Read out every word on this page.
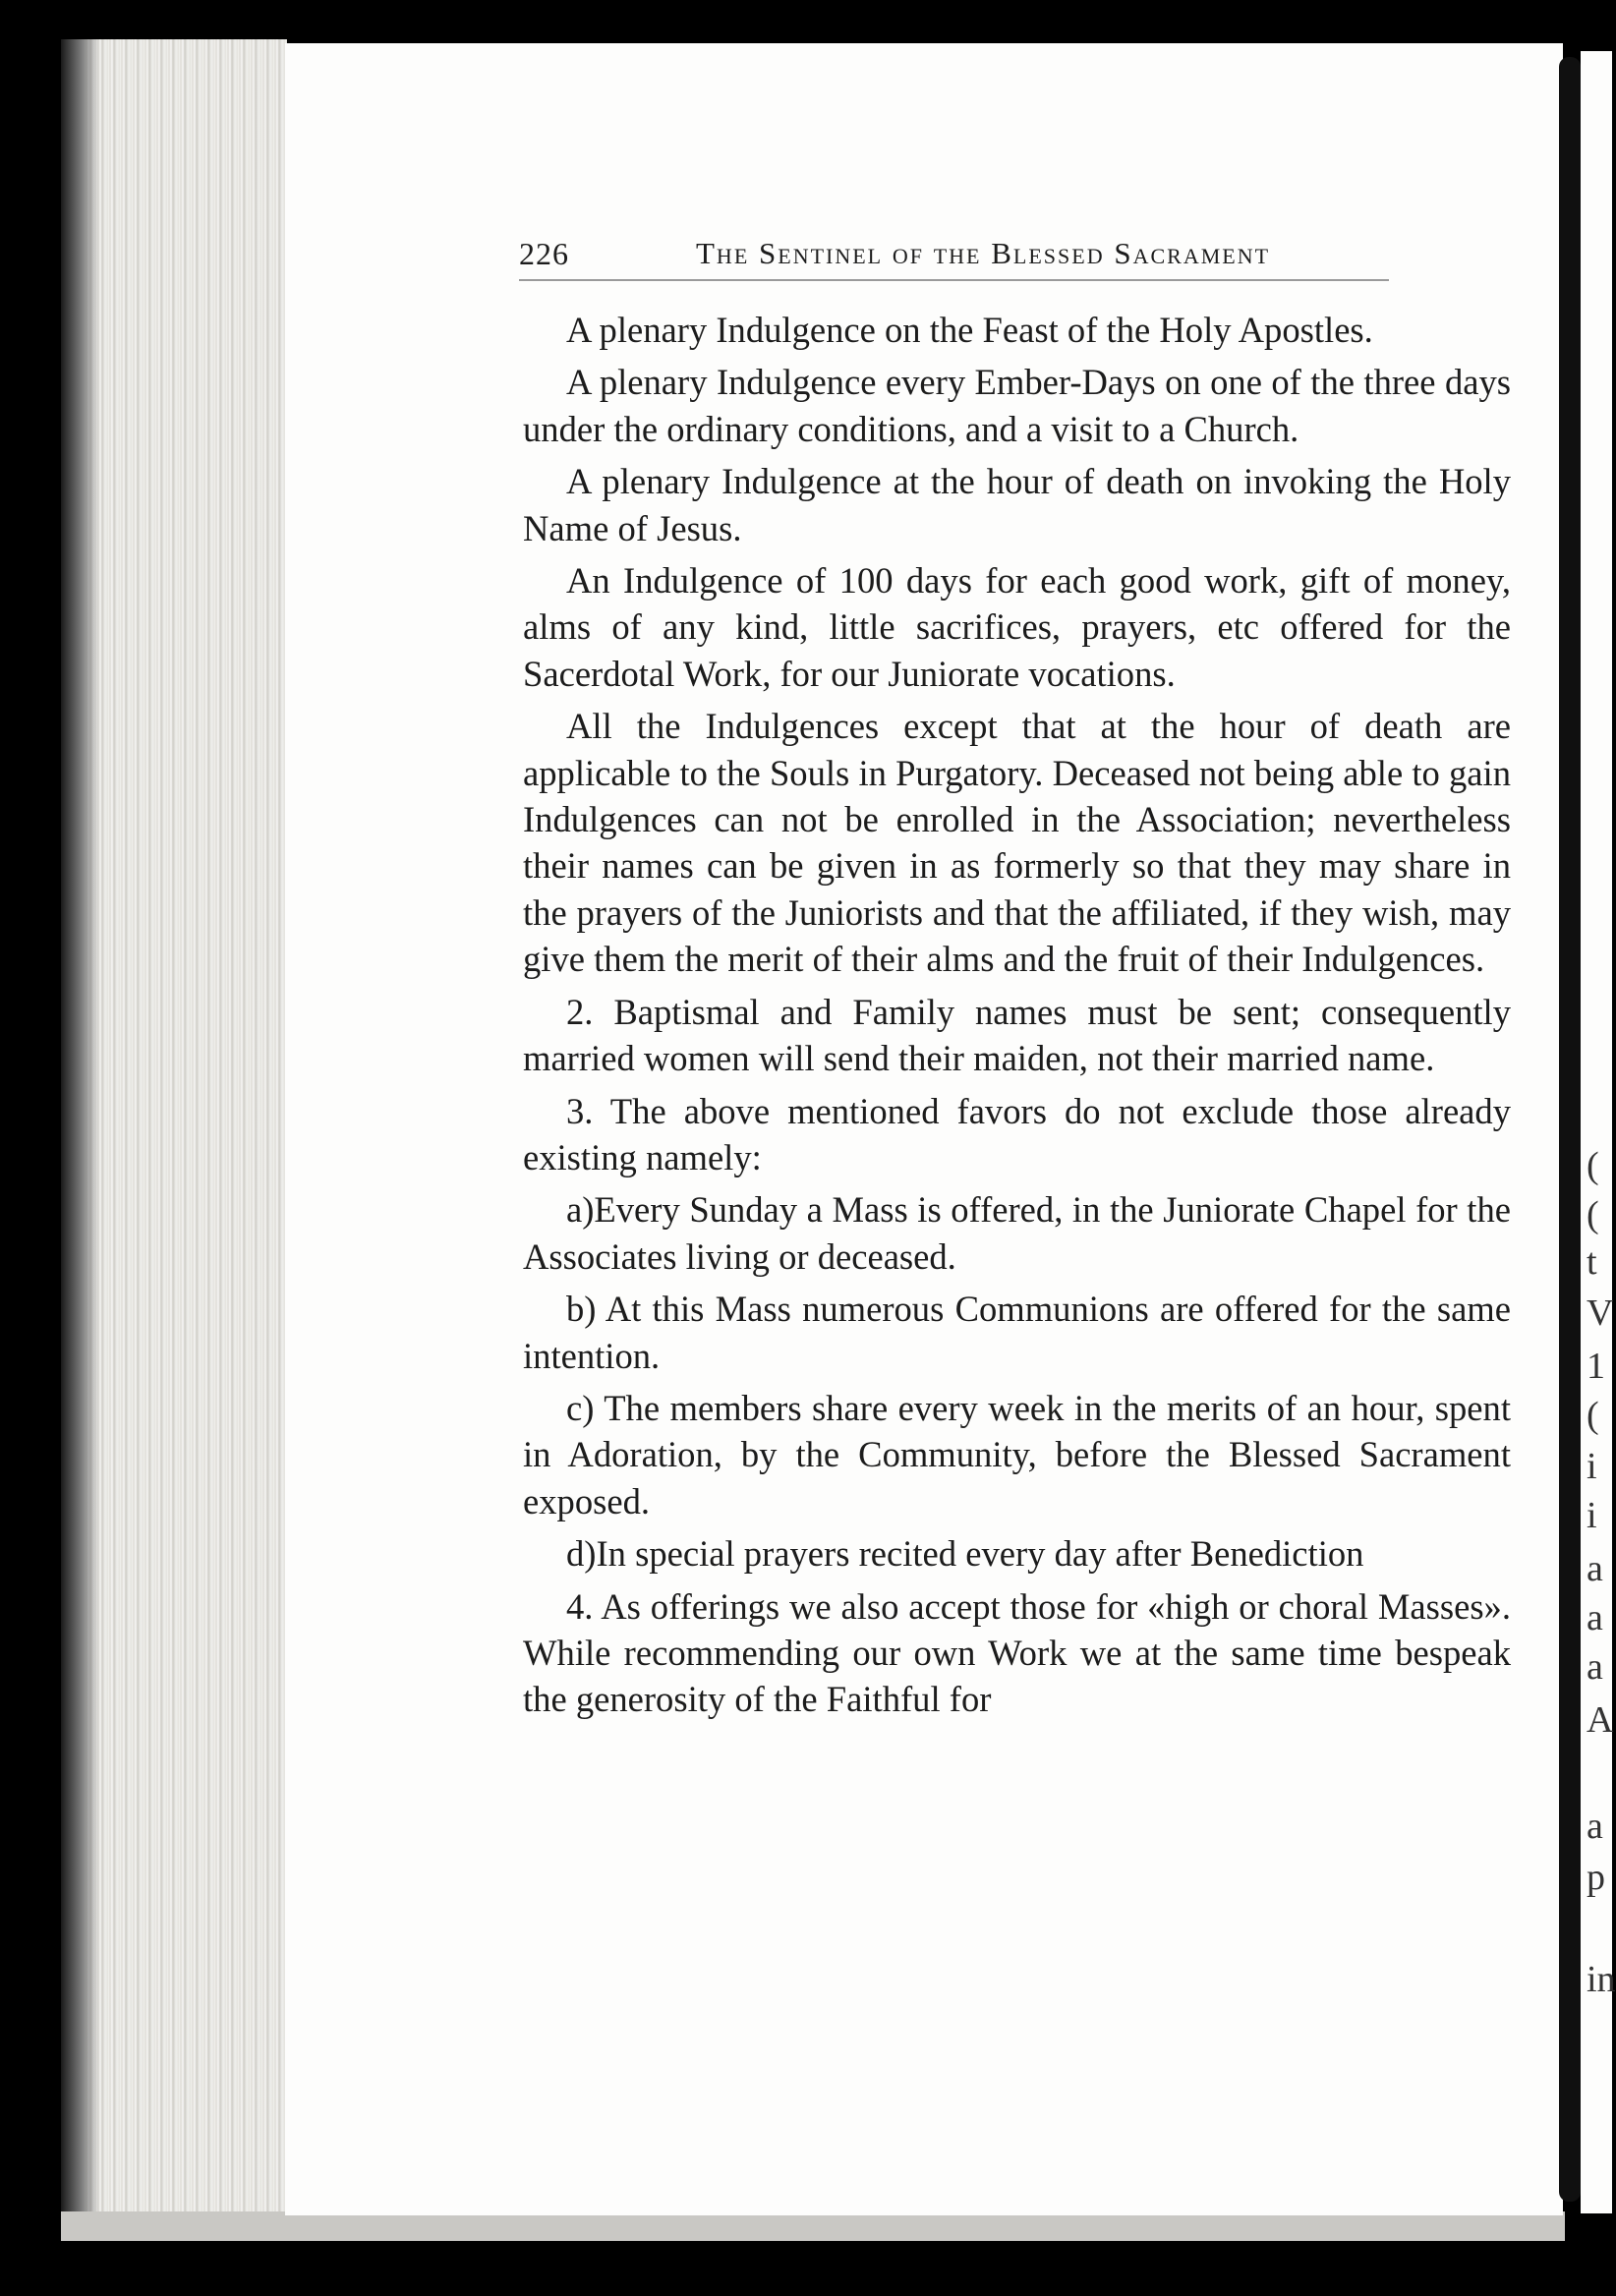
(
(
t
V
1
(
i
i
a
a
a
A
a
p
in
226	The Sentinel of the Blessed Sacrament

A plenary Indulgence on the Feast of the Holy Apostles.

A plenary Indulgence every Ember-Days on one of the three days under the ordinary conditions, and a visit to a Church.

A plenary Indulgence at the hour of death on invoking the Holy Name of Jesus.

An Indulgence of 100 days for each good work, gift of money, alms of any kind, little sacrifices, prayers, etc offered for the Sacerdotal Work, for our Juniorate vocations.

All the Indulgences except that at the hour of death are applicable to the Souls in Purgatory. Deceased not being able to gain Indulgences can not be enrolled in the Association; nevertheless their names can be given in as formerly so that they may share in the prayers of the Juniorists and that the affiliated, if they wish, may give them the merit of their alms and the fruit of their Indulgences.

2. Baptismal and Family names must be sent; consequently married women will send their maiden, not their married name.

3. The above mentioned favors do not exclude those already existing namely:

a)Every Sunday a Mass is offered, in the Juniorate Chapel for the Associates living or deceased.

b) At this Mass numerous Communions are offered for the same intention.

c) The members share every week in the merits of an hour, spent in Adoration, by the Community, before the Blessed Sacrament exposed.

d)In special prayers recited every day after Benediction

4. As offerings we also accept those for «high or choral Masses». While recommending our own Work we at the same time bespeak the generosity of the Faithful for
